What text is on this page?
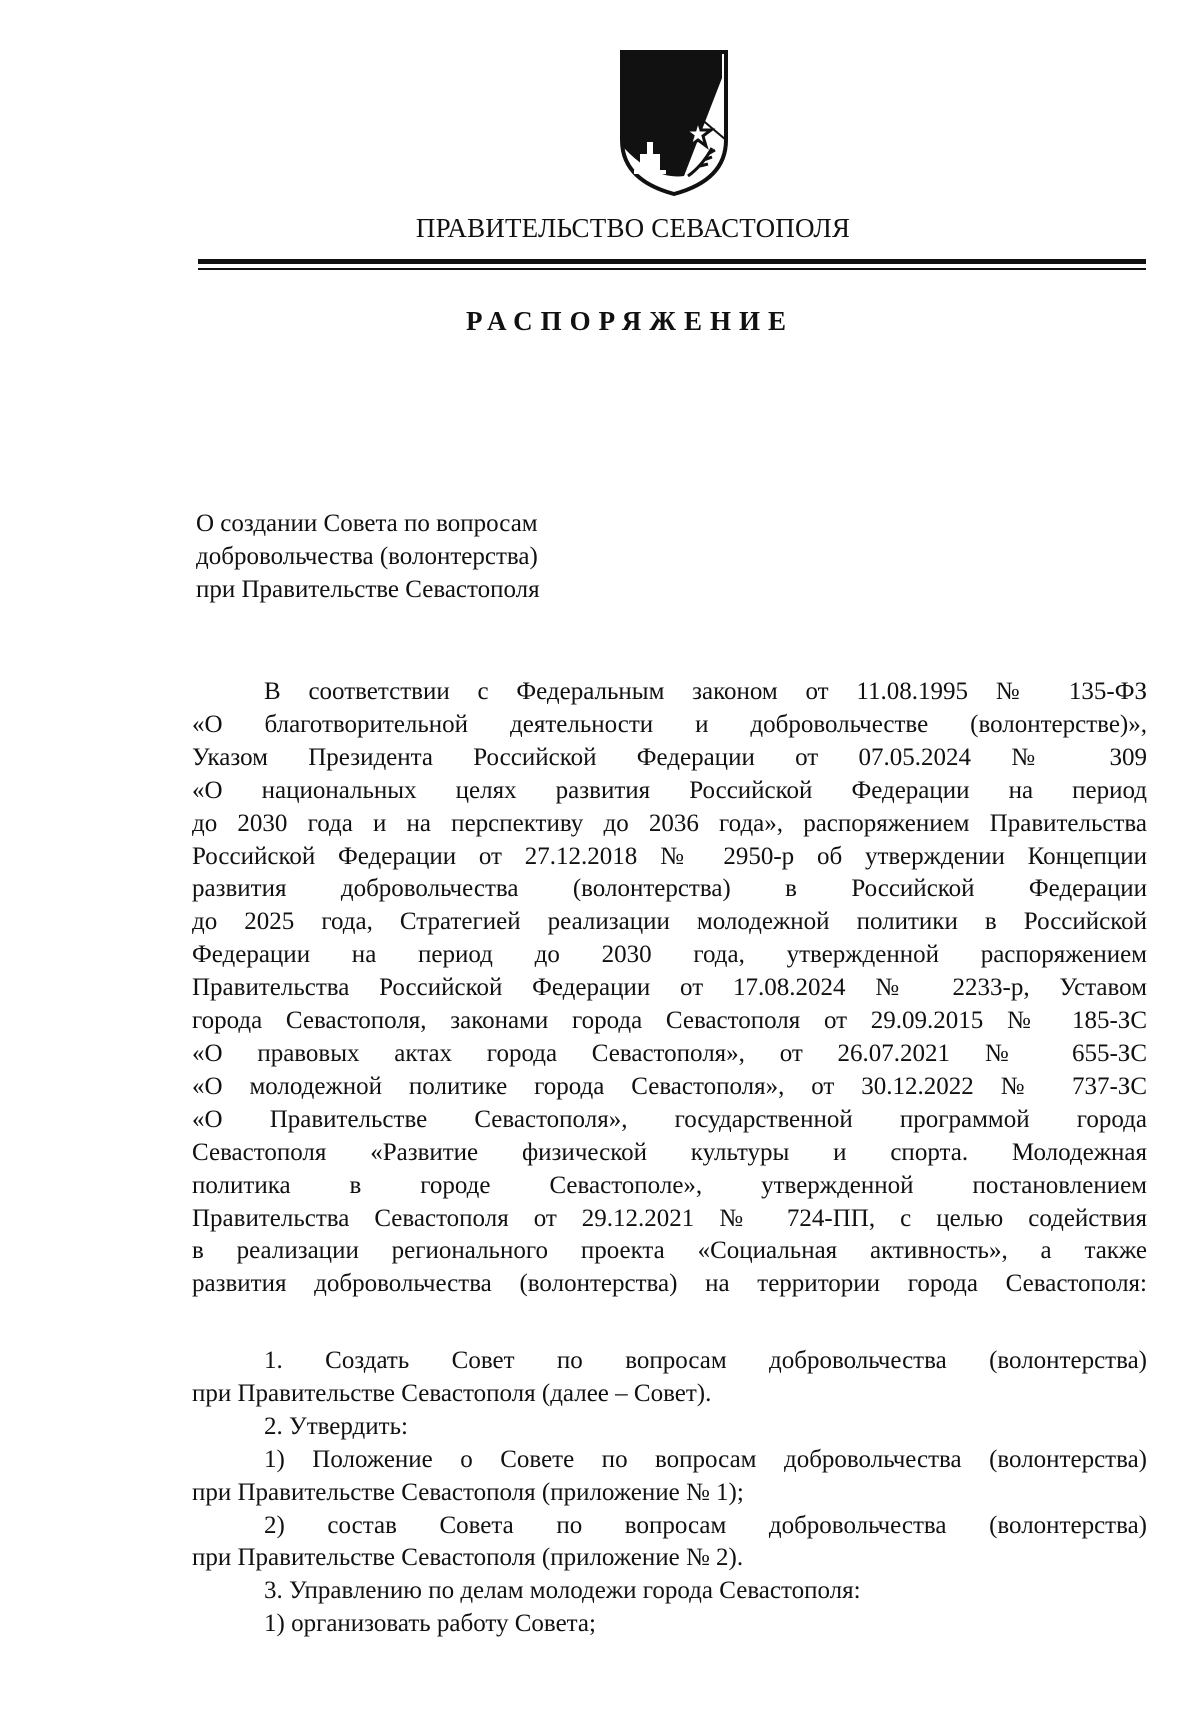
ПРАВИТЕЛЬСТВО СЕВАСТОПОЛЯ
РАСПОРЯЖЕНИЕ
О создании Совета по вопросам
добровольчества (волонтерства)
при Правительстве Севастополя
В соответствии с Федеральным законом от 11.08.1995 № 135-ФЗ
«О благотворительной деятельности и добровольчестве (волонтерстве)»,
Указом Президента Российской Федерации от 07.05.2024 № 309
«О национальных целях развития Российской Федерации на период
до 2030 года и на перспективу до 2036 года», распоряжением Правительства
Российской Федерации от 27.12.2018 № 2950-р об утверждении Концепции
развития добровольчества (волонтерства) в Российской Федерации
до 2025 года, Стратегией реализации молодежной политики в Российской
Федерации на период до 2030 года, утвержденной распоряжением
Правительства Российской Федерации от 17.08.2024 № 2233-р, Уставом
города Севастополя, законами города Севастополя от 29.09.2015 № 185-ЗС
«О правовых актах города Севастополя», от 26.07.2021 № 655-ЗС
«О молодежной политике города Севастополя», от 30.12.2022 № 737-ЗС
«О Правительстве Севастополя», государственной программой города
Севастополя «Развитие физической культуры и спорта. Молодежная
политика в городе Севастополе», утвержденной постановлением
Правительства Севастополя от 29.12.2021 № 724-ПП, с целью содействия
в реализации регионального проекта «Социальная активность», а также
развития добровольчества (волонтерства) на территории города Севастополя:
1. Создать Совет по вопросам добровольчества (волонтерства)
при Правительстве Севастополя (далее – Совет).
2. Утвердить:
1) Положение о Совете по вопросам добровольчества (волонтерства)
при Правительстве Севастополя (приложение № 1);
2) состав Совета по вопросам добровольчества (волонтерства)
при Правительстве Севастополя (приложение № 2).
3. Управлению по делам молодежи города Севастополя:
1) организовать работу Совета;
